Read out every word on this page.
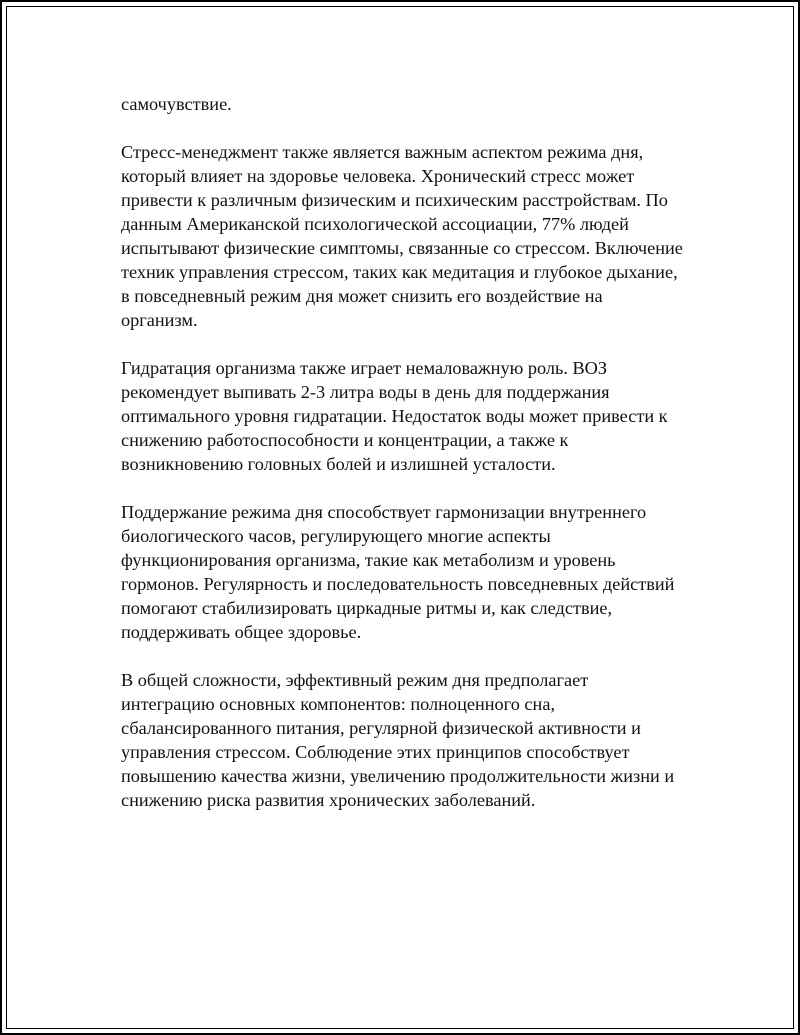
самочувствие.

Стресс-менеджмент также является важным аспектом режима дня,
который влияет на здоровье человека. Хронический стресс может
привести к различным физическим и психическим расстройствам. По
данным Американской психологической ассоциации, 77% людей
испытывают физические симптомы, связанные со стрессом. Включение
техник управления стрессом, таких как медитация и глубокое дыхание,
в повседневный режим дня может снизить его воздействие на
организм.

Гидратация организма также играет немаловажную роль. ВОЗ
рекомендует выпивать 2-3 литра воды в день для поддержания
оптимального уровня гидратации. Недостаток воды может привести к
снижению работоспособности и концентрации, а также к
возникновению головных болей и излишней усталости.

Поддержание режима дня способствует гармонизации внутреннего
биологического часов, регулирующего многие аспекты
функционирования организма, такие как метаболизм и уровень
гормонов. Регулярность и последовательность повседневных действий
помогают стабилизировать циркадные ритмы и, как следствие,
поддерживать общее здоровье.

В общей сложности, эффективный режим дня предполагает
интеграцию основных компонентов: полноценного сна,
сбалансированного питания, регулярной физической активности и
управления стрессом. Соблюдение этих принципов способствует
повышению качества жизни, увеличению продолжительности жизни и
снижению риска развития хронических заболеваний.
